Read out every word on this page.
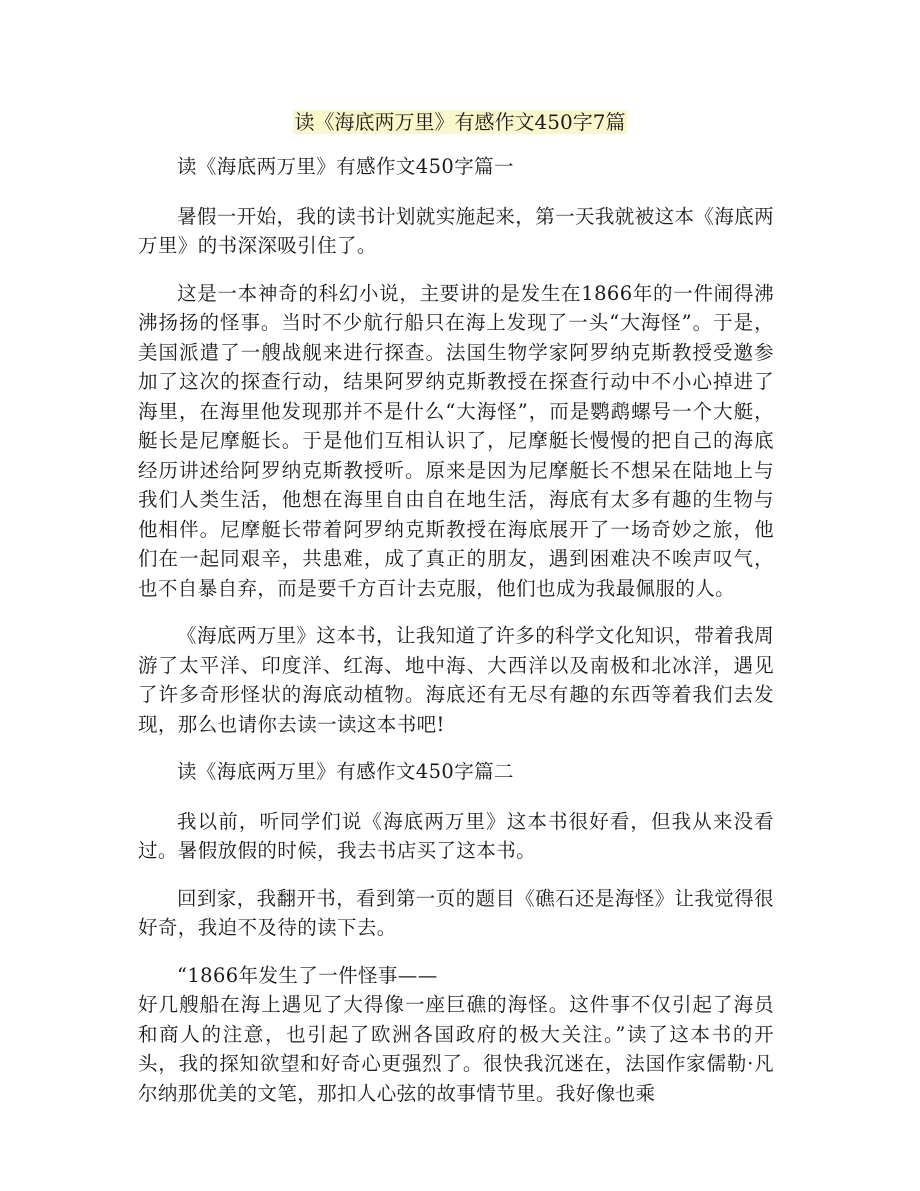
读《海底两万里》有感作文450字7篇

读《海底两万里》有感作文450字篇一

暑假一开始，我的读书计划就实施起来，第一天我就被这本《海底两万里》的书深深吸引住了。

这是一本神奇的科幻小说，主要讲的是发生在1866年的一件闹得沸沸扬扬的怪事。当时不少航行船只在海上发现了一头“大海怪”。于是，美国派遣了一艘战舰来进行探查。法国生物学家阿罗纳克斯教授受邀参加了这次的探查行动，结果阿罗纳克斯教授在探查行动中不小心掉进了海里，在海里他发现那并不是什么“大海怪”，而是鹦鹉螺号一个大艇，艇长是尼摩艇长。于是他们互相认识了，尼摩艇长慢慢的把自己的海底经历讲述给阿罗纳克斯教授听。原来是因为尼摩艇长不想呆在陆地上与我们人类生活，他想在海里自由自在地生活，海底有太多有趣的生物与他相伴。尼摩艇长带着阿罗纳克斯教授在海底展开了一场奇妙之旅，他们在一起同艰辛，共患难，成了真正的朋友，遇到困难决不唉声叹气，也不自暴自弃，而是要千方百计去克服，他们也成为我最佩服的人。

《海底两万里》这本书，让我知道了许多的科学文化知识，带着我周游了太平洋、印度洋、红海、地中海、大西洋以及南极和北冰洋，遇见了许多奇形怪状的海底动植物。海底还有无尽有趣的东西等着我们去发现，那么也请你去读一读这本书吧!

读《海底两万里》有感作文450字篇二

我以前，听同学们说《海底两万里》这本书很好看，但我从来没看过。暑假放假的时候，我去书店买了这本书。

回到家，我翻开书，看到第一页的题目《礁石还是海怪》让我觉得很好奇，我迫不及待的读下去。

“1866年发生了一件怪事——

好几艘船在海上遇见了大得像一座巨礁的海怪。这件事不仅引起了海员和商人的注意，也引起了欧洲各国政府的极大关注。”读了这本书的开头，我的探知欲望和好奇心更强烈了。很快我沉迷在，法国作家儒勒·凡尔纳那优美的文笔，那扣人心弦的故事情节里。我好像也乘
